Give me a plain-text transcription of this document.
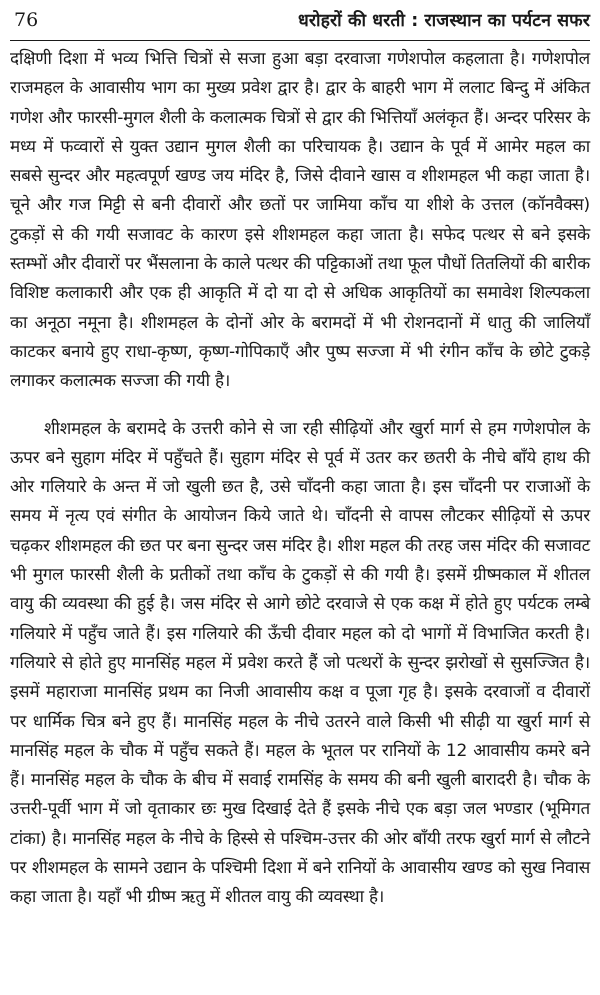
76	धरोहरों की धरती : राजस्थान का पर्यटन सफर

दक्षिणी दिशा में भव्य भित्ति चित्रों से सजा हुआ बड़ा दरवाजा गणेशपोल कहलाता है। गणेशपोल राजमहल के आवासीय भाग का मुख्य प्रवेश द्वार है। द्वार के बाहरी भाग में ललाट बिन्दु में अंकित गणेश और फारसी-मुगल शैली के कलात्मक चित्रों से द्वार की भित्तियाँ अलंकृत हैं। अन्दर परिसर के मध्य में फव्वारों से युक्त उद्यान मुगल शैली का परिचायक है। उद्यान के पूर्व में आमेर महल का सबसे सुन्दर और महत्वपूर्ण खण्ड जय मंदिर है, जिसे दीवाने खास व शीशमहल भी कहा जाता है। चूने और गज मिट्टी से बनी दीवारों और छतों पर जामिया काँच या शीशे के उत्तल (कॉनवैक्स) टुकड़ों से की गयी सजावट के कारण इसे शीशमहल कहा जाता है। सफेद पत्थर से बने इसके स्तम्भों और दीवारों पर भैंसलाना के काले पत्थर की पट्टिकाओं तथा फूल पौधों तितलियों की बारीक विशिष्ट कलाकारी और एक ही आकृति में दो या दो से अधिक आकृतियों का समावेश शिल्पकला का अनूठा नमूना है। शीशमहल के दोनों ओर के बरामदों में भी रोशनदानों में धातु की जालियाँ काटकर बनाये हुए राधा-कृष्ण, कृष्ण-गोपिकाएँ और पुष्प सज्जा में भी रंगीन काँच के छोटे टुकड़े लगाकर कलात्मक सज्जा की गयी है।

शीशमहल के बरामदे के उत्तरी कोने से जा रही सीढ़ियों और खुर्रा मार्ग से हम गणेशपोल के ऊपर बने सुहाग मंदिर में पहुँचते हैं। सुहाग मंदिर से पूर्व में उतर कर छतरी के नीचे बाँये हाथ की ओर गलियारे के अन्त में जो खुली छत है, उसे चाँदनी कहा जाता है। इस चाँदनी पर राजाओं के समय में नृत्य एवं संगीत के आयोजन किये जाते थे। चाँदनी से वापस लौटकर सीढ़ियों से ऊपर चढ़कर शीशमहल की छत पर बना सुन्दर जस मंदिर है। शीश महल की तरह जस मंदिर की सजावट भी मुगल फारसी शैली के प्रतीकों तथा काँच के टुकड़ों से की गयी है। इसमें ग्रीष्मकाल में शीतल वायु की व्यवस्था की हुई है। जस मंदिर से आगे छोटे दरवाजे से एक कक्ष में होते हुए पर्यटक लम्बे गलियारे में पहुँच जाते हैं। इस गलियारे की ऊँची दीवार महल को दो भागों में विभाजित करती है। गलियारे से होते हुए मानसिंह महल में प्रवेश करते हैं जो पत्थरों के सुन्दर झरोखों से सुसज्जित है। इसमें महाराजा मानसिंह प्रथम का निजी आवासीय कक्ष व पूजा गृह है। इसके दरवाजों व दीवारों पर धार्मिक चित्र बने हुए हैं। मानसिंह महल के नीचे उतरने वाले किसी भी सीढ़ी या खुर्रा मार्ग से मानसिंह महल के चौक में पहुँच सकते हैं। महल के भूतल पर रानियों के 12 आवासीय कमरे बने हैं। मानसिंह महल के चौक के बीच में सवाई रामसिंह के समय की बनी खुली बारादरी है। चौक के उत्तरी-पूर्वी भाग में जो वृताकार छः मुख दिखाई देते हैं इसके नीचे एक बड़ा जल भण्डार (भूमिगत टांका) है। मानसिंह महल के नीचे के हिस्से से पश्चिम-उत्तर की ओर बाँयी तरफ खुर्रा मार्ग से लौटने पर शीशमहल के सामने उद्यान के पश्चिमी दिशा में बने रानियों के आवासीय खण्ड को सुख निवास कहा जाता है। यहाँ भी ग्रीष्म ऋतु में शीतल वायु की व्यवस्था है।
